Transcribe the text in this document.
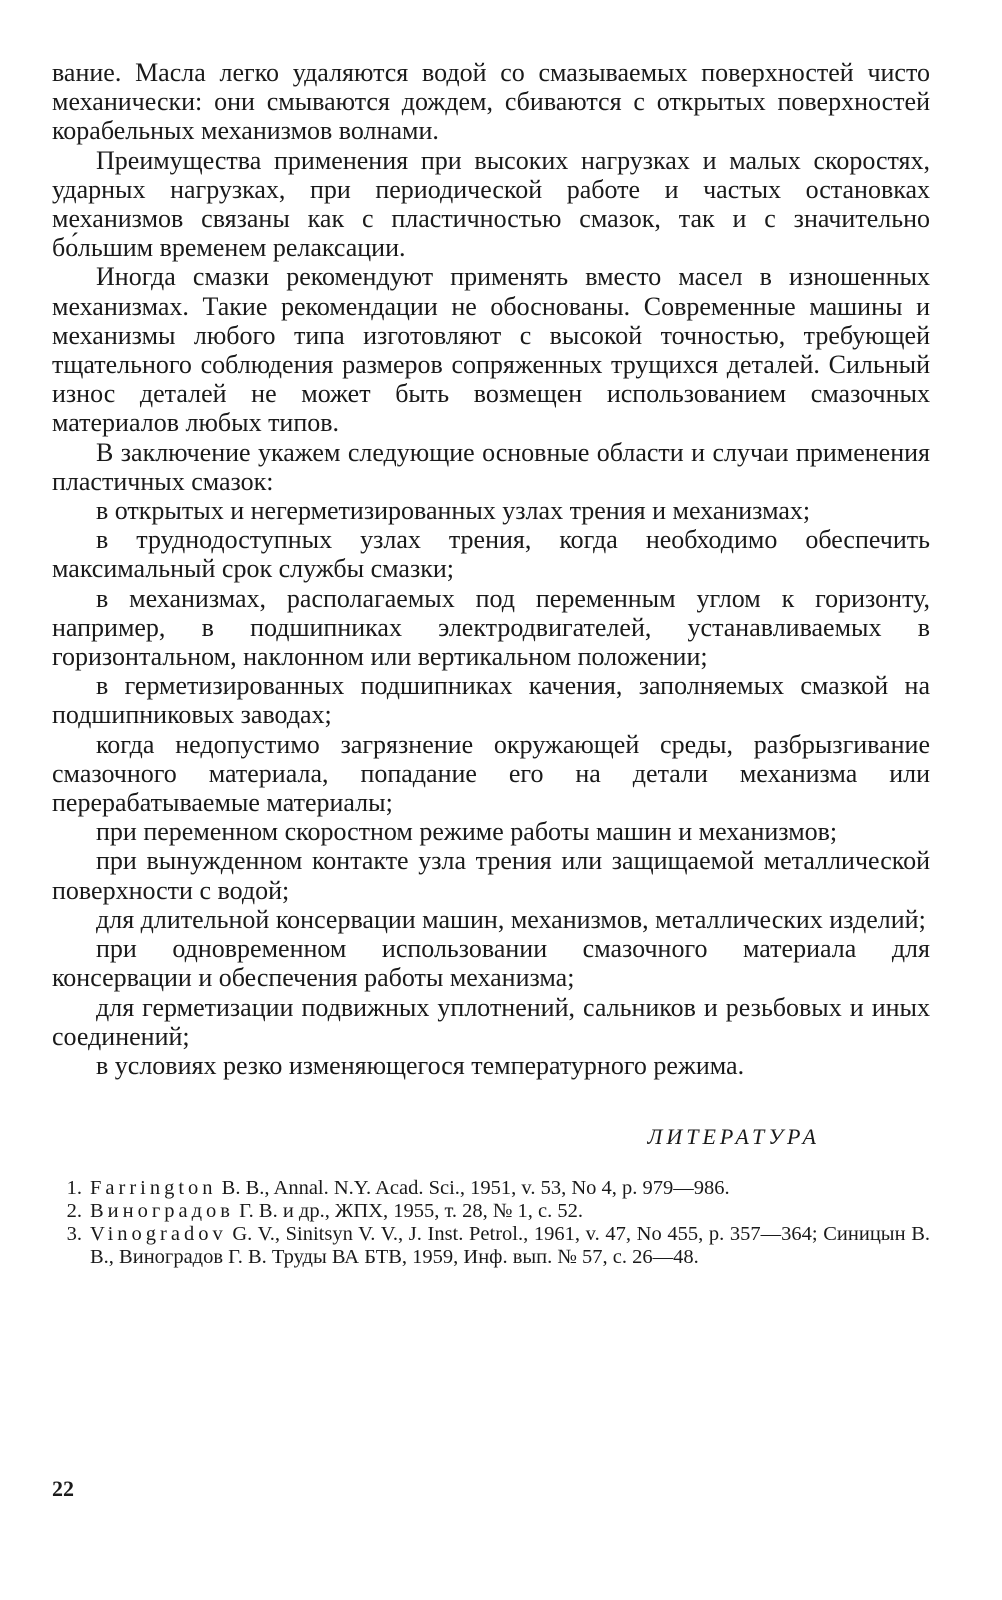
вание. Масла легко удаляются водой со смазываемых поверхностей чисто механически: они смываются дождем, сбиваются с открытых поверхностей корабельных механизмов волнами.

Преимущества применения при высоких нагрузках и малых скоростях, ударных нагрузках, при периодической работе и частых остановках механизмов связаны как с пластичностью смазок, так и с значительно бо́льшим временем релаксации.

Иногда смазки рекомендуют применять вместо масел в изношенных механизмах. Такие рекомендации не обоснованы. Современные машины и механизмы любого типа изготовляют с высокой точностью, требующей тщательного соблюдения размеров сопряженных трущихся деталей. Сильный износ деталей не может быть возмещен использованием смазочных материалов любых типов.

В заключение укажем следующие основные области и случаи применения пластичных смазок:

в открытых и негерметизированных узлах трения и механизмах;

в труднодоступных узлах трения, когда необходимо обеспечить максимальный срок службы смазки;

в механизмах, располагаемых под переменным углом к горизонту, например, в подшипниках электродвигателей, устанавливаемых в горизонтальном, наклонном или вертикальном положении;

в герметизированных подшипниках качения, заполняемых смазкой на подшипниковых заводах;

когда недопустимо загрязнение окружающей среды, разбрызгивание смазочного материала, попадание его на детали механизма или перерабатываемые материалы;

при переменном скоростном режиме работы машин и механизмов;

при вынужденном контакте узла трения или защищаемой металлической поверхности с водой;

для длительной консервации машин, механизмов, металлических изделий;

при одновременном использовании смазочного материала для консервации и обеспечения работы механизма;

для герметизации подвижных уплотнений, сальников и резьбовых и иных соединений;

в условиях резко изменяющегося температурного режима.

ЛИТЕРАТУРА
1. Farrington B. B., Annal. N.Y. Acad. Sci., 1951, v. 53, No 4, p. 979—986.
2. Виноградов Г. В. и др., ЖПХ, 1955, т. 28, № 1, с. 52.
3. Vinogradov G. V., Sinitsyn V. V., J. Inst. Petrol., 1961, v. 47, No 455, p. 357—364; Синицын В. В., Виноградов Г. В. Труды ВА БТВ, 1959, Инф. вып. № 57, с. 26—48.
22
